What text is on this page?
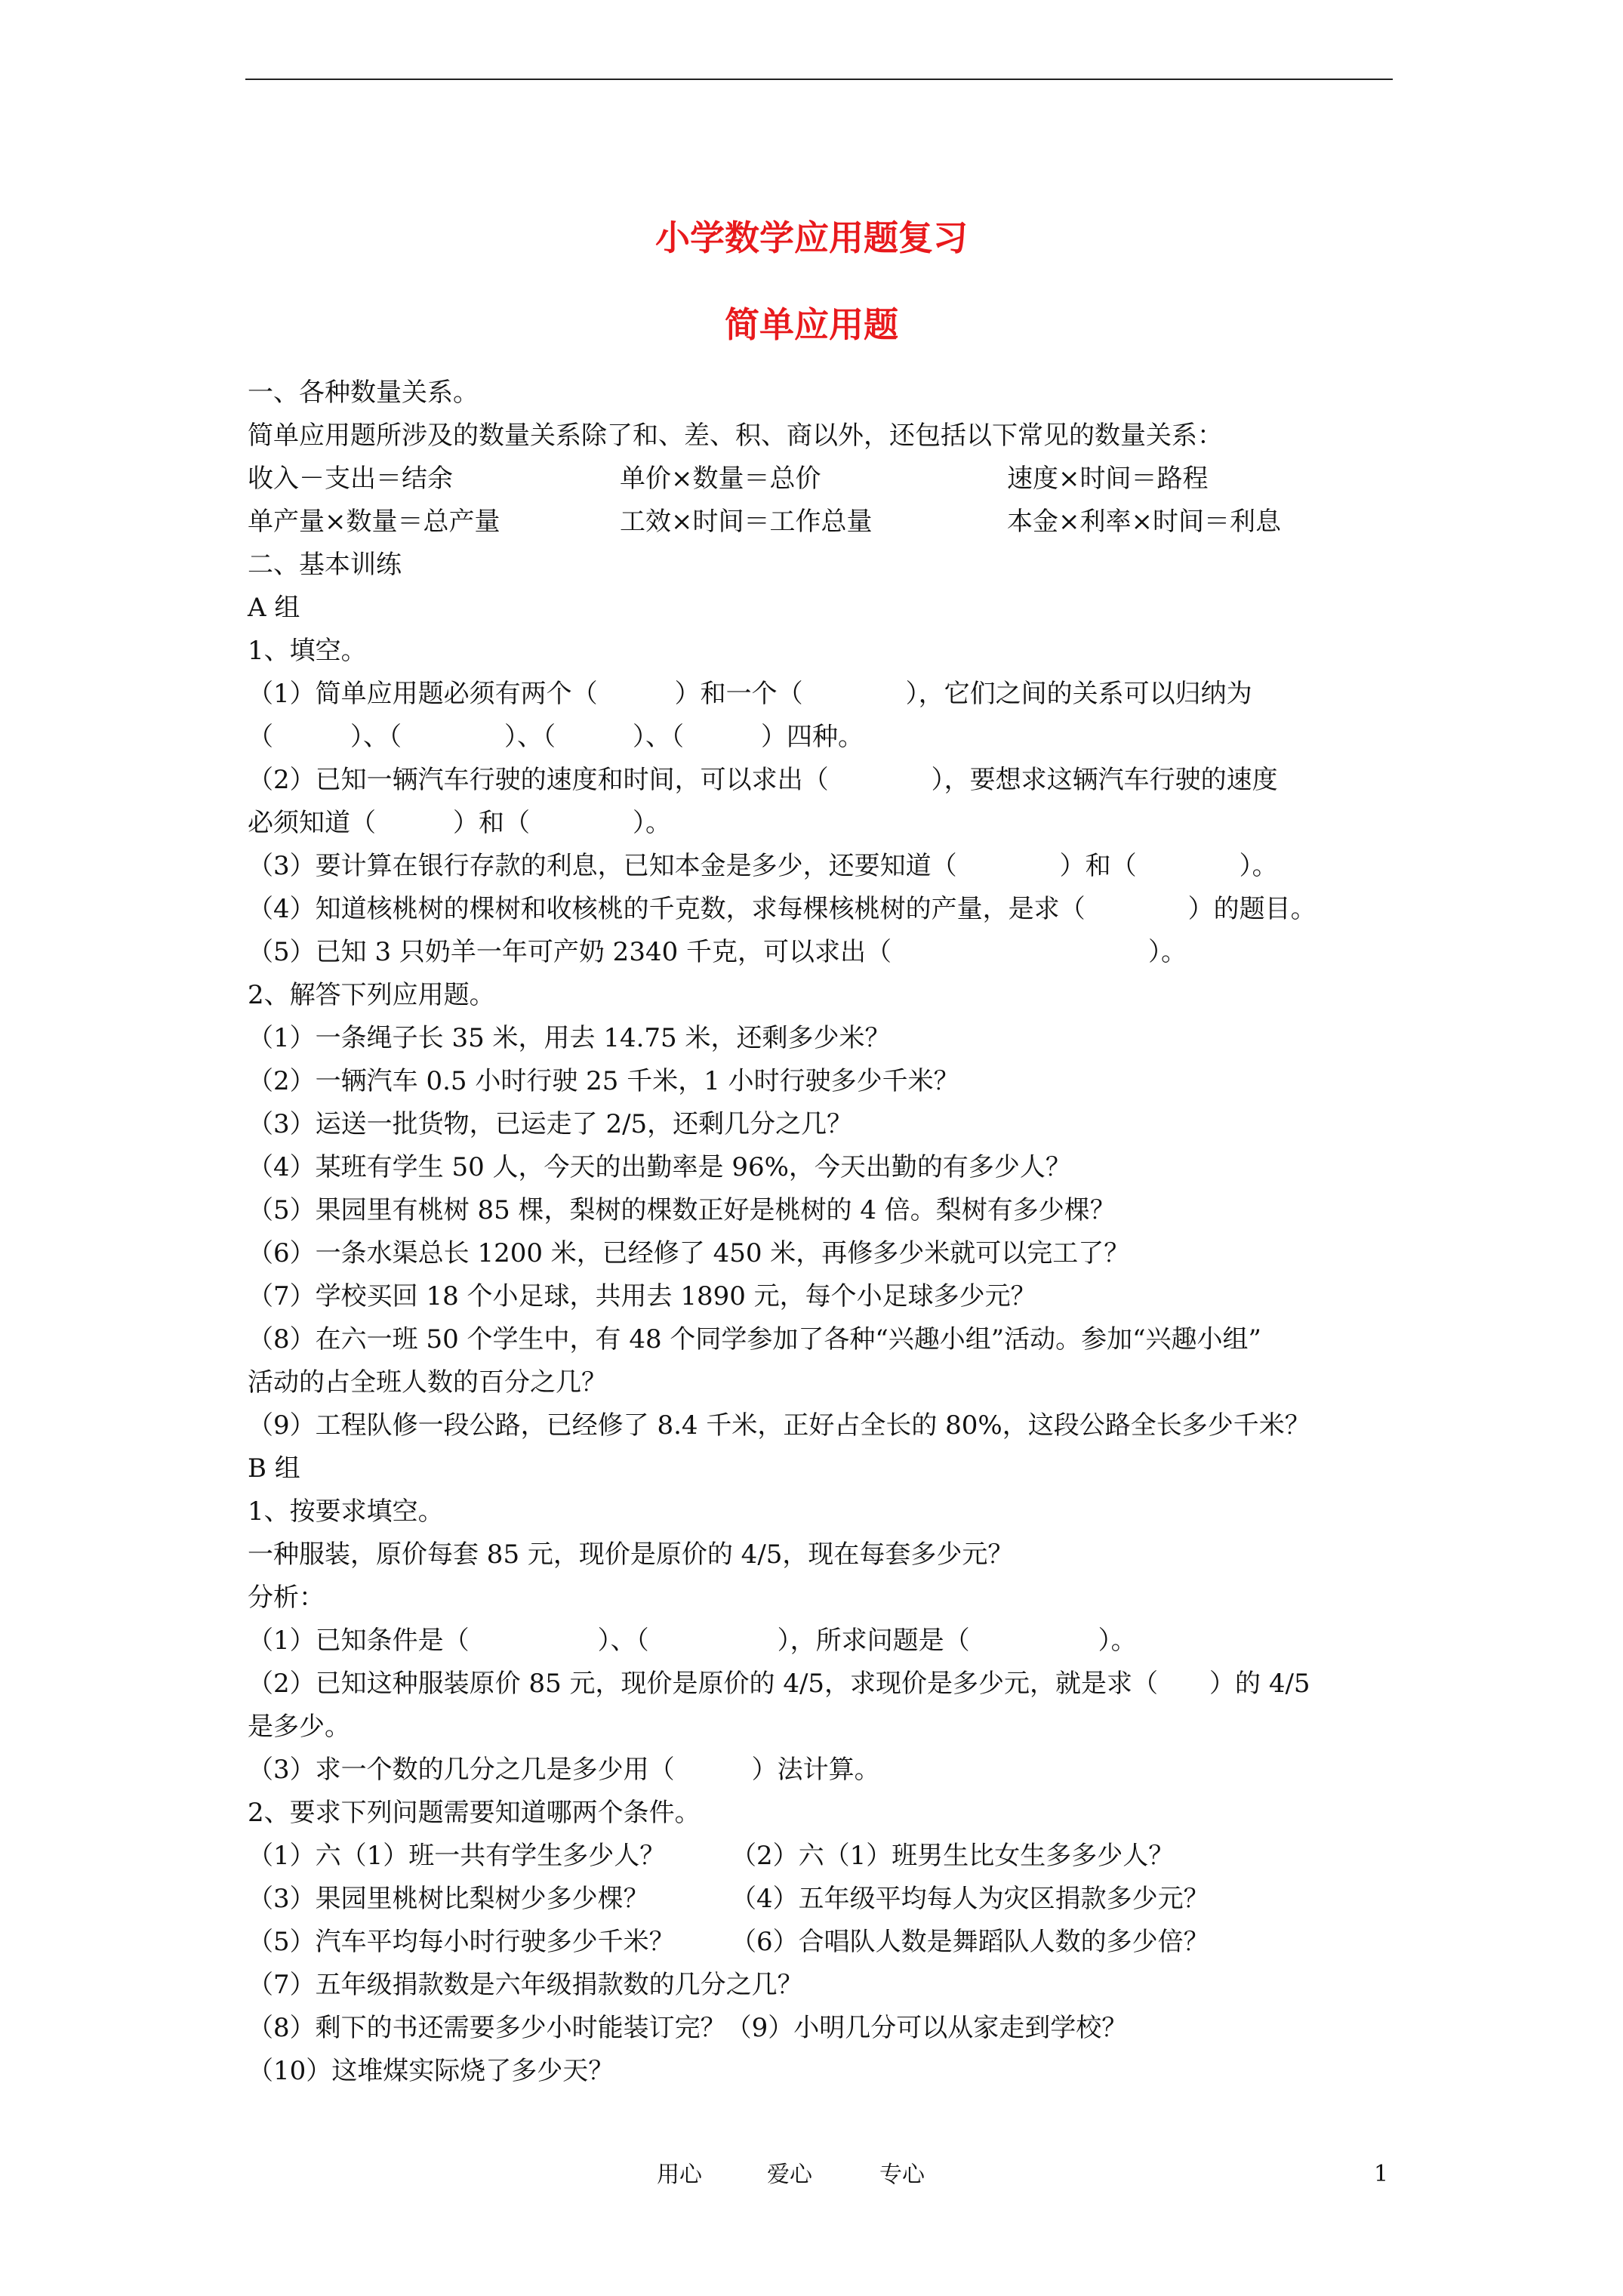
小学数学应用题复习
简单应用题
一、各种数量关系。
简单应用题所涉及的数量关系除了和、差、积、商以外，还包括以下常见的数量关系：
收入－支出＝结余	单价×数量＝总价	速度×时间＝路程
单产量×数量＝总产量	工效×时间＝工作总量	本金×利率×时间＝利息
二、基本训练
A 组
1、填空。
（1）简单应用题必须有两个（　　　）和一个（　　　　），它们之间的关系可以归纳为
（　　　）、（　　　　）、（　　　）、（　　　）四种。
（2）已知一辆汽车行驶的速度和时间，可以求出（　　　　），要想求这辆汽车行驶的速度
必须知道（　　　）和（　　　　）。
（3）要计算在银行存款的利息，已知本金是多少，还要知道（　　　　）和（　　　　）。
（4）知道核桃树的棵树和收核桃的千克数，求每棵核桃树的产量，是求（　　　　）的题目。
（5）已知 3 只奶羊一年可产奶 2340 千克，可以求出（　　　　　　　　　　）。
2、解答下列应用题。
（1）一条绳子长 35 米，用去 14.75 米，还剩多少米？
（2）一辆汽车 0.5 小时行驶 25 千米，1 小时行驶多少千米？
（3）运送一批货物，已运走了 2/5，还剩几分之几？
（4）某班有学生 50 人，今天的出勤率是 96%，今天出勤的有多少人？
（5）果园里有桃树 85 棵，梨树的棵数正好是桃树的 4 倍。梨树有多少棵？
（6）一条水渠总长 1200 米，已经修了 450 米，再修多少米就可以完工了？
（7）学校买回 18 个小足球，共用去 1890 元，每个小足球多少元？
（8）在六一班 50 个学生中，有 48 个同学参加了各种“兴趣小组”活动。参加“兴趣小组”
活动的占全班人数的百分之几？
（9）工程队修一段公路，已经修了 8.4 千米，正好占全长的 80%，这段公路全长多少千米？
B 组
1、按要求填空。
一种服装，原价每套 85 元，现价是原价的 4/5，现在每套多少元？
分析：
（1）已知条件是（　　　　　）、（　　　　　），所求问题是（　　　　　）。
（2）已知这种服装原价 85 元，现价是原价的 4/5，求现价是多少元，就是求（　　）的 4/5
是多少。
（3）求一个数的几分之几是多少用（　　　）法计算。
2、要求下列问题需要知道哪两个条件。
（1）六（1）班一共有学生多少人？	（2）六（1）班男生比女生多多少人？
（3）果园里桃树比梨树少多少棵？	（4）五年级平均每人为灾区捐款多少元？
（5）汽车平均每小时行驶多少千米？	（6）合唱队人数是舞蹈队人数的多少倍？
（7）五年级捐款数是六年级捐款数的几分之几？
（8）剩下的书还需要多少小时能装订完？（9）小明几分可以从家走到学校？
（10）这堆煤实际烧了多少天？
用心	爱心	专心	1
